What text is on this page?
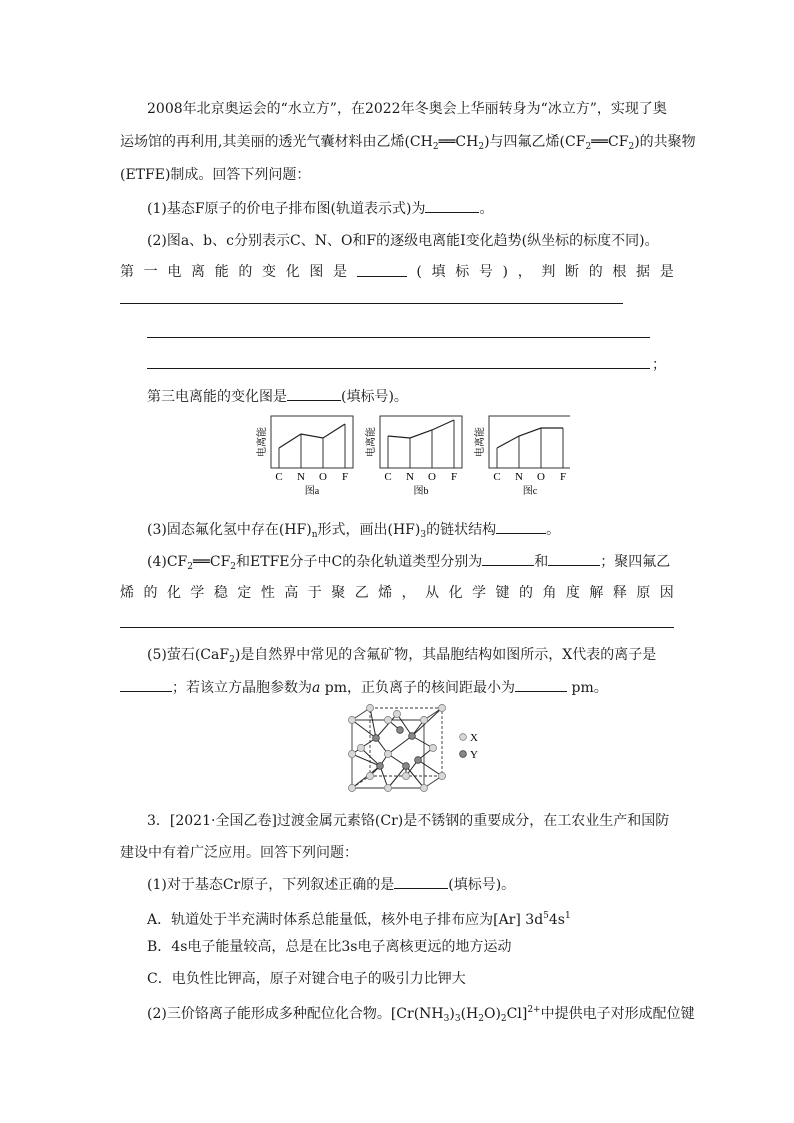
2008年北京奥运会的“水立方”，在2022年冬奥会上华丽转身为“冰立方”，实现了奥
运场馆的再利用,其美丽的透光气囊材料由乙烯$(CH_2══CH_2)$与四氟乙烯$(CF_2══CF_2)$的共聚物
(ETFE)制成。回答下列问题：
(1)基态F原子的价电子排布图(轨道表示式)为	。
(2)图a、b、c分别表示C、N、O和F的逐级电离能I变化趋势(纵坐标的标度不同)。
第 一 电 离 能 的 变 化 图 是	( 填 标 号 ) ， 判 断 的 根 据 是
；
第三电离能的变化图是	(填标号)。
电离能
C N O F
图a
电离能
C N O F
图b
电离能
C N O F
图c
(3)固态氟化氢中存在$(HF)_n$形式，画出$(HF)_3$的链状结构	。
$(4)CF_2══CF_2$和ETFE分子中C的杂化轨道类型分别为	和	；聚四氟乙
烯 的 化 学 稳 定 性 高 于 聚 乙 烯 ， 从 化 学 键 的 角 度 解 释 原 因
(5)萤石(CaF$_2$)是自然界中常见的含氟矿物，其晶胞结构如图所示，X代表的离子是
；若该立方晶胞参数为a pm，正负离子的核间距最小为	pm。
X
Y
3．[2021·全国乙卷]过渡金属元素铬(Cr)是不锈钢的重要成分，在工农业生产和国防
建设中有着广泛应用。回答下列问题：
(1)对于基态Cr原子，下列叙述正确的是	(填标号)。
A．轨道处于半充满时体系总能量低，核外电子排布应为[Ar] $3d^54s^1$
B．4s电子能量较高，总是在比3s电子离核更远的地方运动
C．电负性比钾高，原子对键合电子的吸引力比钾大
(2)三价铬离子能形成多种配位化合物。$[Cr(NH_3)_3(H_2O)_2Cl]^{2+}$中提供电子对形成配位键
